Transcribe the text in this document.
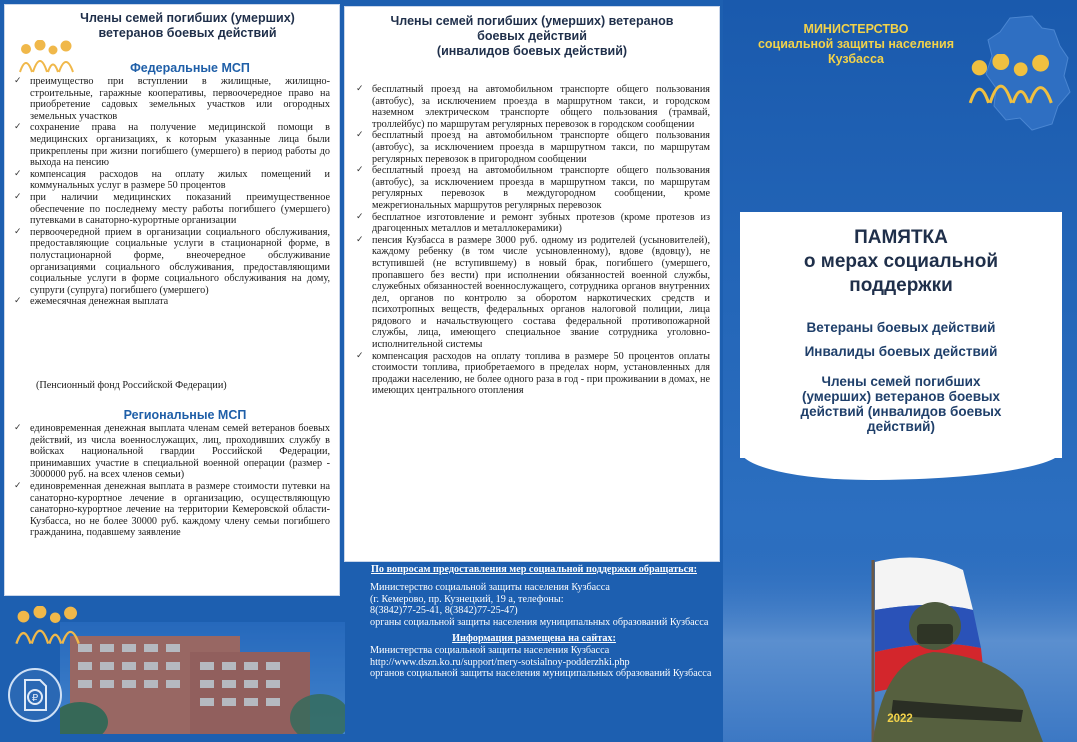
Члены семей погибших (умерших)
ветеранов боевых действий
Федеральные МСП
✓ преимущество при вступлении в жилищные, жилищно-строительные, гаражные кооперативы, первоочередное право на приобретение садовых земельных участков или огородных земельных участков
✓ сохранение права на получение медицинской помощи в медицинских организациях, к которым указанные лица были прикреплены при жизни погибшего (умершего) в период работы до выхода на пенсию
✓ компенсация расходов на оплату жилых помещений и коммунальных услуг в размере 50 процентов
✓ при наличии медицинских показаний преимущественное обеспечение по последнему месту работы погибшего (умершего) путевками в санаторно-курортные организации
✓ первоочередной прием в организации социального обслуживания, предоставляющие социальные услуги в стационарной форме, в полустационарной форме, внеочередное обслуживание организациями социального обслуживания, предоставляющими социальные услуги в форме социального обслуживания на дому, супруги (супруга) погибшего (умершего)
✓ ежемесячная денежная выплата
(Пенсионный фонд Российской Федерации)
Региональные МСП
✓ единовременная денежная выплата членам семей ветеранов боевых действий, из числа военнослужащих, лиц, проходивших службу в войсках национальной гвардии Российской Федерации, принимавших участие в специальной военной операции (размер - 3000000 руб. на всех членов семьи)
✓ единовременная денежная выплата в размере стоимости путевки на санаторно-курортное лечение в организацию, осуществляющую санаторно-курортное лечение на территории Кемеровской области-Кузбасса, но не более 30000 руб. каждому члену семьи погибшего гражданина, подавшему заявление
₽
Члены семей погибших (умерших) ветеранов
боевых действий
(инвалидов боевых действий)
✓ бесплатный проезд на автомобильном транспорте общего пользования (автобус), за исключением проезда в маршрутном такси, и городском наземном электрическом транспорте общего пользования (трамвай, троллейбус) по маршрутам регулярных перевозок в городском сообщении
✓ бесплатный проезд на автомобильном транспорте общего пользования (автобус), за исключением проезда в маршрутном такси, по маршрутам регулярных перевозок в пригородном сообщении
✓ бесплатный проезд на автомобильном транспорте общего пользования (автобус), за исключением проезда в маршрутном такси, по маршрутам регулярных перевозок в междугородном сообщении, кроме межрегиональных маршрутов регулярных перевозок
✓ бесплатное изготовление и ремонт зубных протезов (кроме протезов из драгоценных металлов и металлокерамики)
✓ пенсия Кузбасса в размере 3000 руб. одному из родителей (усыновителей), каждому ребенку (в том числе усыновленному), вдове (вдовцу), не вступившей (не вступившему) в новый брак, погибшего (умершего, пропавшего без вести) при исполнении обязанностей военной службы, служебных обязанностей военнослужащего, сотрудника органов внутренних дел, органов по контролю за оборотом наркотических средств и психотропных веществ, федеральных органов налоговой полиции, лица рядового и начальствующего состава федеральной противопожарной службы, лица, имеющего специальное звание сотрудника уголовно-исполнительной системы
✓ компенсация расходов на оплату топлива в размере 50 процентов оплаты стоимости топлива, приобретаемого в пределах норм, установленных для продажи населению, не более одного раза в год - при проживании в домах, не имеющих центрального отопления
По вопросам предоставления мер социальной поддержки обращаться:

Министерство социальной защиты населения Кузбасса

(г. Кемерово, пр. Кузнецкий, 19 а, телефоны:

8(3842)77-25-41, 8(3842)77-25-47)

органы социальной защиты населения муниципальных образований Кузбасса

Информация размещена на сайтах:

Министерства социальной защиты населения Кузбасса

http://www.dszn.ko.ru/support/mery-sotsialnoy-podderzhki.php

органов социальной защиты населения муниципальных образований Кузбасса

МИНИСТЕРСТВО
социальной защиты населения
Кузбасса
ПАМЯТКА
о мерах социальной
поддержки
Ветераны боевых действий
Инвалиды боевых действий
Члены семей погибших
(умерших) ветеранов боевых
действий (инвалидов боевых
действий)
2022
